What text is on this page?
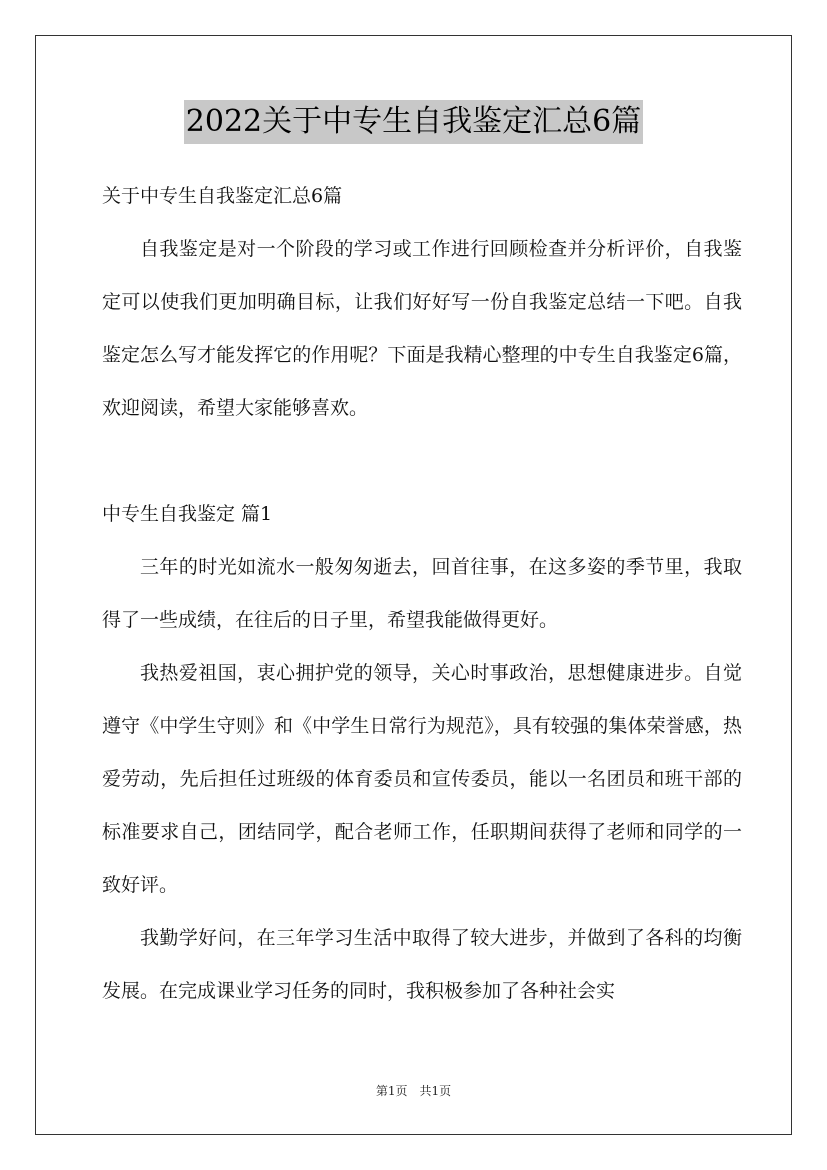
2022关于中专生自我鉴定汇总6篇

关于中专生自我鉴定汇总6篇

自我鉴定是对一个阶段的学习或工作进行回顾检查并分析评价，自我鉴定可以使我们更加明确目标，让我们好好写一份自我鉴定总结一下吧。自我鉴定怎么写才能发挥它的作用呢？下面是我精心整理的中专生自我鉴定6篇，欢迎阅读，希望大家能够喜欢。

中专生自我鉴定 篇1

三年的时光如流水一般匆匆逝去，回首往事，在这多姿的季节里，我取得了一些成绩，在往后的日子里，希望我能做得更好。

我热爱祖国，衷心拥护党的领导，关心时事政治，思想健康进步。自觉遵守《中学生守则》和《中学生日常行为规范》，具有较强的集体荣誉感，热爱劳动，先后担任过班级的体育委员和宣传委员，能以一名团员和班干部的标准要求自己，团结同学，配合老师工作，任职期间获得了老师和同学的一致好评。

我勤学好问，在三年学习生活中取得了较大进步，并做到了各科的均衡发展。在完成课业学习任务的同时，我积极参加了各种社会实

第1页　共1页
